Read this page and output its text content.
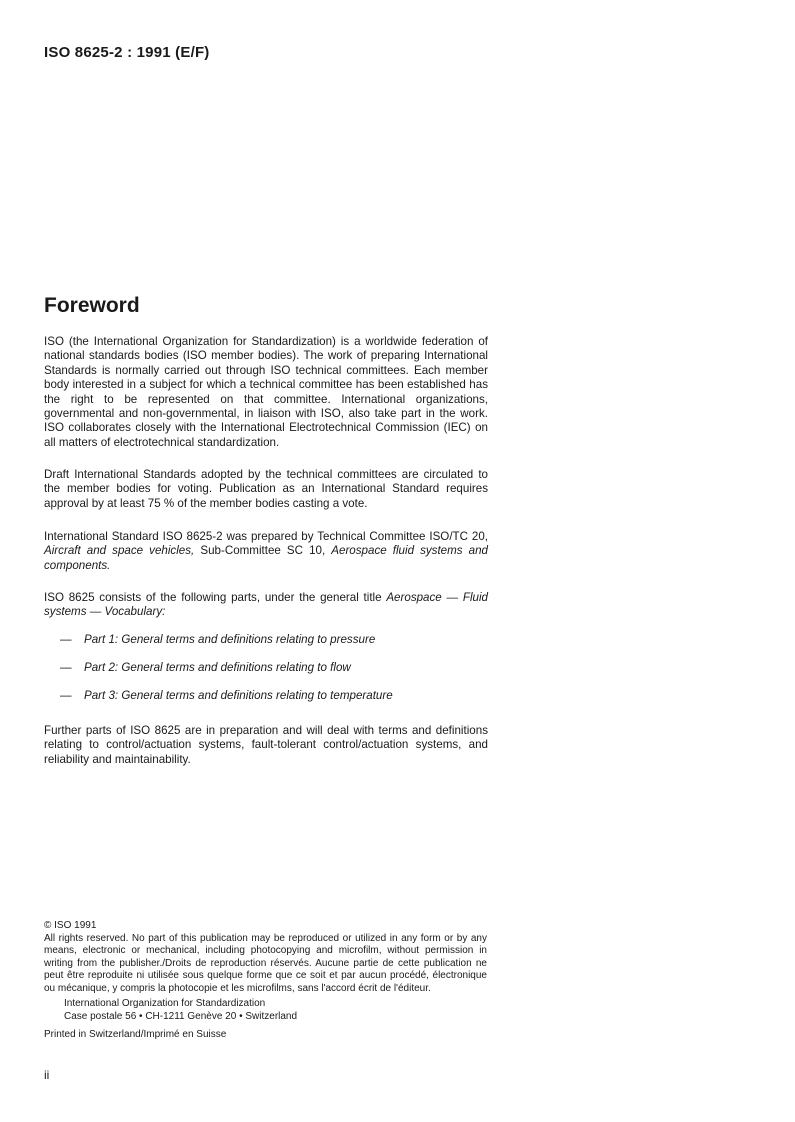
ISO 8625-2 : 1991 (E/F)
Foreword

ISO (the International Organization for Standardization) is a worldwide federation of national standards bodies (ISO member bodies). The work of preparing International Standards is normally carried out through ISO technical committees. Each member body interested in a subject for which a technical committee has been established has the right to be represented on that committee. International organizations, governmental and non-governmental, in liaison with ISO, also take part in the work. ISO collaborates closely with the International Electrotechnical Commission (IEC) on all matters of electrotechnical standardization.

Draft International Standards adopted by the technical committees are circulated to the member bodies for voting. Publication as an International Standard requires approval by at least 75 % of the member bodies casting a vote.

International Standard ISO 8625-2 was prepared by Technical Committee ISO/TC 20, Aircraft and space vehicles, Sub-Committee SC 10, Aerospace fluid systems and components.

ISO 8625 consists of the following parts, under the general title Aerospace — Fluid systems — Vocabulary:

— Part 1: General terms and definitions relating to pressure
— Part 2: General terms and definitions relating to flow
— Part 3: General terms and definitions relating to temperature

Further parts of ISO 8625 are in preparation and will deal with terms and definitions relating to control/actuation systems, fault-tolerant control/actuation systems, and reliability and maintainability.

© ISO 1991

All rights reserved. No part of this publication may be reproduced or utilized in any form or by any means, electronic or mechanical, including photocopying and microfilm, without permission in writing from the publisher./Droits de reproduction réservés. Aucune partie de cette publication ne peut être reproduite ni utilisée sous quelque forme que ce soit et par aucun procédé, électronique ou mécanique, y compris la photocopie et les microfilms, sans l'accord écrit de l'éditeur.

International Organization for Standardization
Case postale 56 • CH-1211 Genève 20 • Switzerland

Printed in Switzerland/Imprimé en Suisse

ii
